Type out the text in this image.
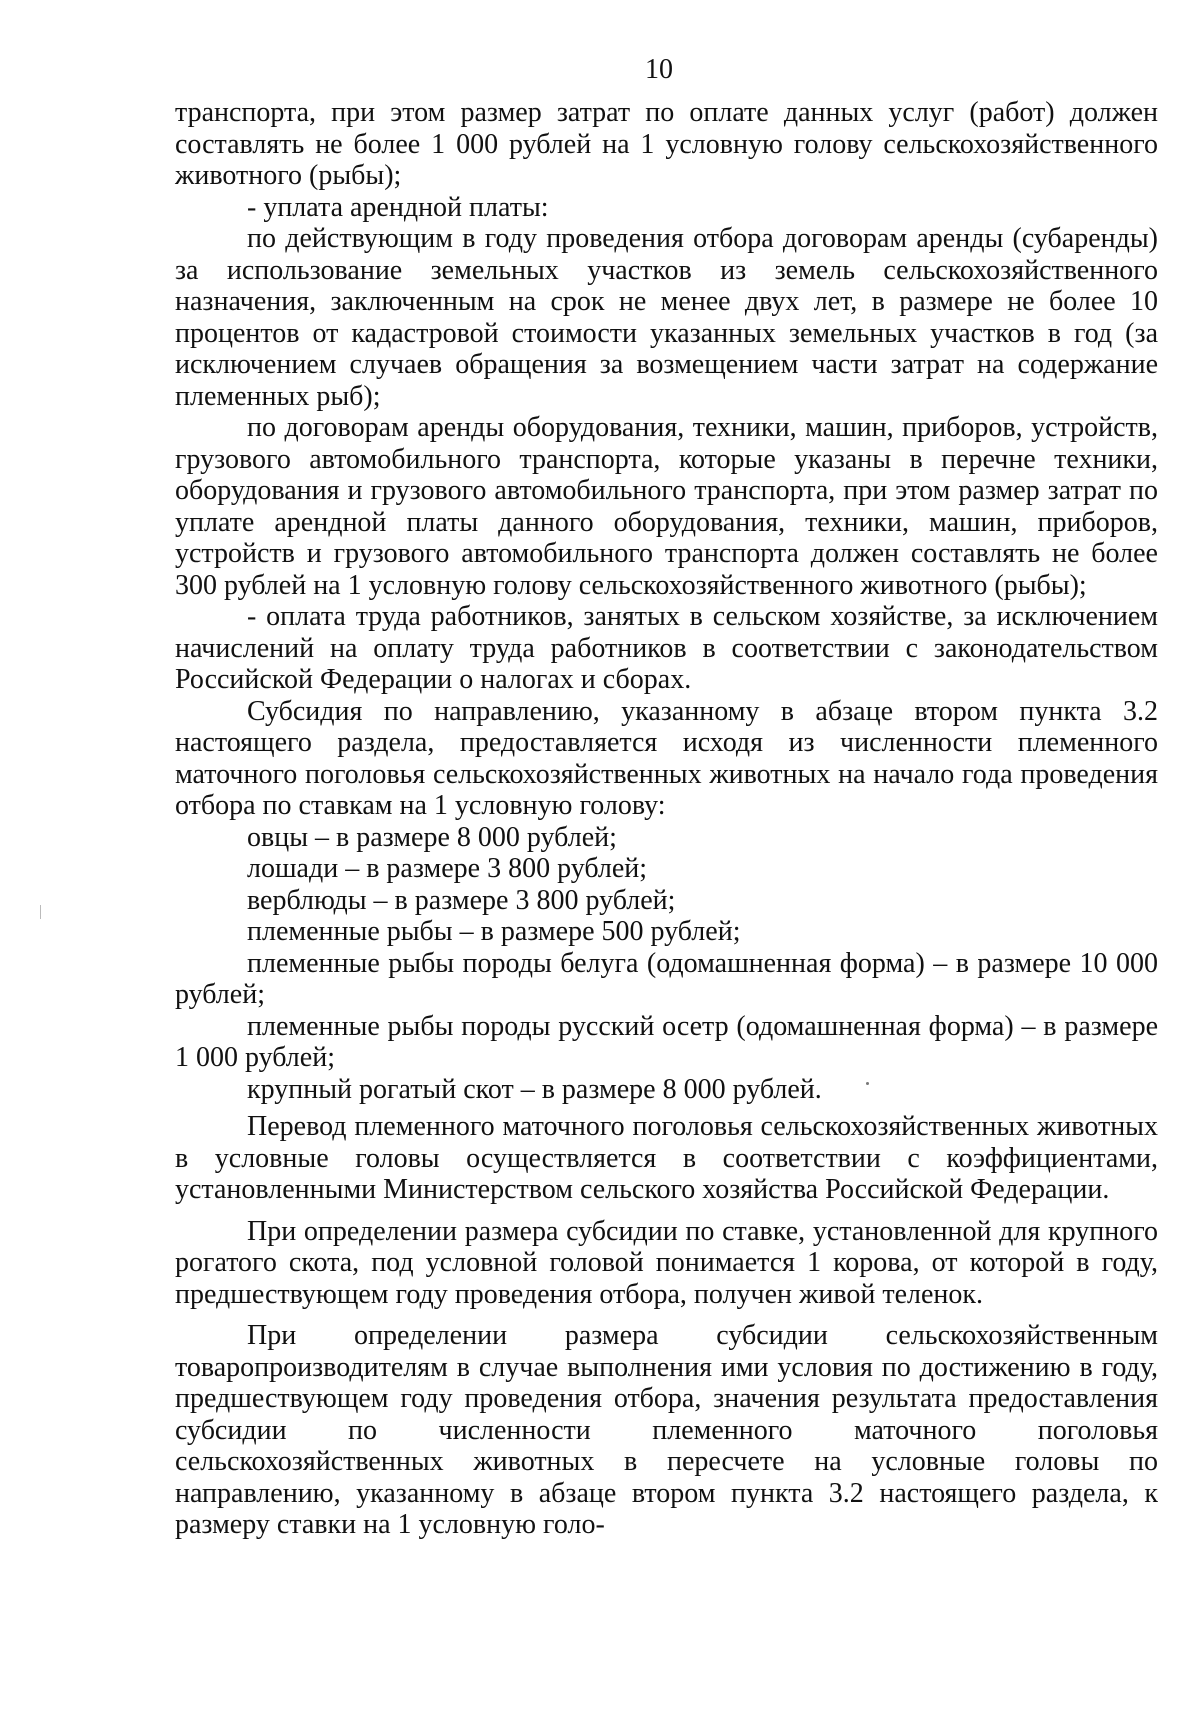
10

транспорта, при этом размер затрат по оплате данных услуг (работ) должен составлять не более 1 000 рублей на 1 условную голову сельскохозяйственного животного (рыбы);

- уплата арендной платы:

по действующим в году проведения отбора договорам аренды (субаренды) за использование земельных участков из земель сельскохозяйственного назначения, заключенным на срок не менее двух лет, в размере не более 10 процентов от кадастровой стоимости указанных земельных участков в год (за исключением случаев обращения за возмещением части затрат на содержание племенных рыб);

по договорам аренды оборудования, техники, машин, приборов, устройств, грузового автомобильного транспорта, которые указаны в перечне техники, оборудования и грузового автомобильного транспорта, при этом размер затрат по уплате арендной платы данного оборудования, техники, машин, приборов, устройств и грузового автомобильного транспорта должен составлять не более 300 рублей на 1 условную голову сельскохозяйственного животного (рыбы);

- оплата труда работников, занятых в сельском хозяйстве, за исключением начислений на оплату труда работников в соответствии с законодательством Российской Федерации о налогах и сборах.

Субсидия по направлению, указанному в абзаце втором пункта 3.2 настоящего раздела, предоставляется исходя из численности племенного маточного поголовья сельскохозяйственных животных на начало года проведения отбора по ставкам на 1 условную голову:

овцы – в размере 8 000 рублей;

лошади – в размере 3 800 рублей;

верблюды – в размере 3 800 рублей;

племенные рыбы – в размере 500 рублей;

племенные рыбы породы белуга (одомашненная форма) – в размере 10 000 рублей;

племенные рыбы породы русский осетр (одомашненная форма) – в размере 1 000 рублей;

крупный рогатый скот – в размере 8 000 рублей.

Перевод племенного маточного поголовья сельскохозяйственных животных в условные головы осуществляется в соответствии с коэффициентами, установленными Министерством сельского хозяйства Российской Федерации.

При определении размера субсидии по ставке, установленной для крупного рогатого скота, под условной головой понимается 1 корова, от которой в году, предшествующем году проведения отбора, получен живой теленок.

При определении размера субсидии сельскохозяйственным товаропроизводителям в случае выполнения ими условия по достижению в году, предшествующем году проведения отбора, значения результата предоставления субсидии по численности племенного маточного поголовья сельскохозяйственных животных в пересчете на условные головы по направлению, указанному в абзаце втором пункта 3.2 настоящего раздела, к размеру ставки на 1 условную голо-
